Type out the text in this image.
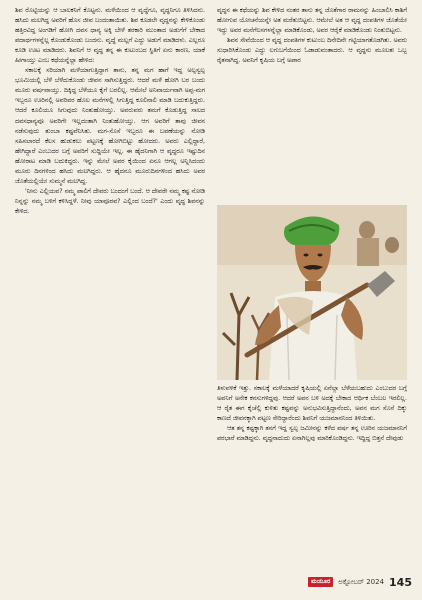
ಶಿವ ರೊಟ್ಟಿಯನ್ನು ಆ ಬಾಲಕನಿಗೆ ಕೊಟ್ಟನು. ಮಳೆಯಿಂದ ಆ ವೃದ್ಧೆಗೂ, ವೃದ್ಧನಿಗೂ ತಿಳಿಸಿದನು. ಹಸಿದು ಮಲಗಿದ್ದ ಅವರಿಗೆ ಹೊಸ ಜೀವ ಬಂದಂತಾಯಿತು. ಶಿವ ಕೂಡಲೇ ವೃದ್ಧನನ್ನು ಕೇಳಿಕೊಂಡು ಹತ್ತಿರವಿದ್ದ ಅಂಗಡಿಗೆ ಹೋಗಿ ದವಸ ಧಾನ್ಯ ಅಕ್ಕಿ ಬೇಳೆ ತರಕಾರಿ ಮುಂತಾದ ಅಡುಗೆಗೆ ಬೇಕಾದ ಪದಾರ್ಥಗಳನ್ನೆಲ್ಲ ಕೊಂಡುಕೊಂಡು ಬಂದನು. ವೃದ್ಧೆ ಮಲ್ಲಗೆ ಎದ್ದು ಅಡುಗೆ ಮಾಡಿದಳು. ಎಲ್ಲರೂ ಕೂಡಿ ಊಟ ಮಾಡಿದರು. ಶಿವನಿಗೆ ಆ ವೃದ್ಧ ತನ್ನ ಈ ಕುಟುಂಬದ ಸ್ಥಿತಿಗೆ ಏನು ಕಾರಣ, ಯಾಕೆ ಹೀಗಾಯ್ತು ಎಂಬ ಕಥೆಯನ್ನೆಲ್ಲಾ ಹೇಳಿದ:

ಸಕಾಲಕ್ಕೆ ಸರಿಯಾಗಿ ಮಳೆಯಾಗುತ್ತಿದ್ದಾಗ ತಾನು, ತನ್ನ ಮಗ ಹಾಗೆ ಇದ್ದ ಅಲ್ಪಸ್ವಲ್ಪ ಭೂಮಿಯಲ್ಲಿ ಬೆಳೆ ಬೆಳೆದುಕೊಂಡು ಜೀವನ ಸಾಗಿಸುತ್ತಿದ್ದರು. ಆದರೆ ಮಳೆ ಹೋಗಿ ಬರ ಬಂದು ಮೂರು ವರ್ಷವಾಯ್ತು. ದಿಕ್ಕಿದ್ದ ಬೆಳೆಯೂ ಕೈಗೆ ಬರಲಿಲ್ಲ. ಆಮೇಲೆ ಅನಿವಾರ್ಯವಾಗಿ ಅಪ್ಪ-ಮಗ ಇಬ್ಬರೂ ಊರಿನಲ್ಲಿ ಅವರಿವರ ಹೊಲ ಮನೆಗಳಲ್ಲಿ ಸಿಗುತ್ತಿದ್ದ ಕೂಲಿನಾಲಿ ಮಾಡಿ ಬದುಕುತ್ತಿದ್ದರು. ಆದರೆ ಕೂಲಿಯೂ ಸಿಗುವುದು ನಿಂತುಹೋಯ್ತು. ಅವರುವರು ತಮಗೆ ಕೊಡುತ್ತಿದ್ದ ಸಾಲದ ದವಸಧಾನ್ಯವೂ ಅವರಿಗೇ ಇಲ್ಲದಂತಾಗಿ ನಿಂತುಹೋಯ್ತು. ಆಗ ಅವರಿಗೆ ತಾವು ಜೀವನ ನಡೆಸುವುದು ತುಂಬಾ ಕಷ್ಟವೆನಿಸಿತು. ಮಗ-ಸೊಸೆ ಇಬ್ಬರೂ ಈ ಬವಣೆಯನ್ನು ನೋಡಿ ಸಹಿಸಲಾರದೆ ಕೆಲಸ ಹುಡುಕಲು ಪಟ್ಟಣಕ್ಕೆ ಹೋಗಿಬಿಟ್ಟು ಹೋದರು. ಅವರು ಎಲ್ಲಿದ್ದಾರೆ, ಹೇಗಿದ್ದಾರೆ ಎಂಬುದರ ಬಗ್ಗೆ ಅವರಿಗೆ ಸುದ್ದಿಯೇ ಇಲ್ಲ. ಈ ಹೈದನಿಗಾಗಿ ಆ ವೃದ್ಧರೂ ಇಷ್ಟುದಿನ ಹೋರಾಟ ಮಾಡಿ ಬದುಕಿದ್ದರು. ಇನ್ನು ಮೇಲೆ ಅವರ ಕೈಯಿಂದ ಏನೂ ಆಗಲ್ಲ ಅನ್ನಿಸಿದಂದು ಮೂರು ದಿನಗಳಿಂದ ಹಸಿದು ಮಲಗಿದ್ದರು. ಆ ಹೈದನೂ ಮೂರುದಿನಗಳಿಂದ ಹಸಿದು ಅವರ ಜೊತೆಯಲ್ಲಿಯೇ ಸುಮ್ಮನೆ ಮಲಗಿದ್ದ.

'ನೀನು ಎಲ್ಲಿಯವ? ನಮ್ಮ ಪಾಲಿಗೆ ದೇವರು ಬಂದಂಗೆ ಬಂದೆ. ಆ ದೇವರೇ ನಮ್ಮ ಕಷ್ಟ ನೋಡಿ ನಿನ್ನನ್ನು ನಮ್ಮ ಬಳಿಗೆ ಕಳಿಸಿದ್ದಳೆ. ನೀವು ಯಾವೂರವ? ಎಲ್ಲಿಂದ ಬಂದೆ?' ಎಂದು ವೃದ್ಧ ಶಿವನನ್ನು ಕೇಳಿದ.

ವೃದ್ಧನ ಈ ಕಥೆಯನ್ನು ಶಿವ ಕೇಳಿದ ನಂತರ ತಾನು ತನ್ನ ಜೊತೆಗಾರ ರಾಮನನ್ನು ಹಿಂಬಾಲಿಸಿ ಕಾಶಿಗೆ ಹೋಗುವ ಯೋಚನೆಯನ್ನೇ ಅತ ಮರೆತುಬಿಟ್ಟನು. ಆಮೇಲೆ ಅತ ಆ ವೃದ್ಧ ದಂಪತಿಗಳ ಜೊತೆಯೇ ಇದ್ದು ಅವರ ಮನೆಗೆಲಸಗಳನ್ನೆಲ್ಲಾ ಮಾಡಿಕೊಂಡು, ಅವರ ಆರೈಕೆ ಮಾಡಿಕೊಂಡು ನಿಂತುಬಿಟ್ಟನು.

ಶಿವನ ಸೇವೆಯಿಂದ ಆ ವೃದ್ಧ ದಂಪತಿಗಳ ಕುಟುಂಬ ದಿನೇದಿನೇ ಗಟ್ಟಿಯಾಗತೊಡಗಿತು. ಅವರು ಸುಧಾರಿಸಿಕೊಂಡು ಎದ್ದು ಲಗುಬಗೆಯಿಂದ ಓಡಾಡುವಂತಾದರು. ಆ ವೃದ್ಧನು ಮೂಲತಃ ಒಬ್ಬ ರೈತನಾಗಿದ್ದ. ಅವನಿಗೆ ಕೃಷಿಯ ಬಗ್ಗೆ ಅಪಾರ

ತಿಳುವಳಿಕೆ ಇತ್ತು. ಸಕಾಲಕ್ಕೆ ಮಳೆಯಾದರೆ ಕೃಷಿಯಲ್ಲಿ ಏನೆಲ್ಲಾ ಬೆಳೆಯಬಹುದು ಎಂಬುದರ ಬಗ್ಗೆ ಅವನಿಗೆ ಅನೇಕ ಕನಸುಗಳಿದ್ದವು. ಆದರೆ ಅವನ ಬಳಿ ಅದಕ್ಕೆ ಬೇಕಾದ ಆರ್ಥಿಕ ಬೆಂಬಲ ಇರಲಿಲ್ಲ. ಆ ರೈತ ಈಗ ಕೈಚೆಲ್ಲಿ ಕುಳಿತು ಕಷ್ಟವನ್ನು ಅನುಭವಿಸುತ್ತಿದ್ದಾನೆಂದು, ಅವನ ಮಗ ಸೊಸೆ ದಿಕ್ಕು ಕಾಣದೆ ಜೀವನಕ್ಕಾಗಿ ಪಟ್ಟಣ ಸೇರಿದ್ದಾರೆಂದು ಶಿವನಿಗೆ ಯಜಮಾನನಿಂದ ತಿಳಿಯಿತು.

ಆತ ತನ್ನ ಕಷ್ಟಕ್ಕಾಗಿ ತನಗೆ ಇದ್ದ ಸ್ವಲ್ಪ ಜಮೀನನ್ನು ಕಳೆದ ವರ್ಷ ತನ್ನ ಊರಿನ ಯಜಮಾನನಿಗೆ ಪರಭಾರೆ ಮಾಡಿದ್ದನು. ವೃದ್ಧನಾದುದು ಏನಾಗಿಲ್ಲವು ಮಾರಿಕೊಂಡಿದ್ದನು. ಇದ್ದಿದ್ದ ಬಿತ್ತನೆ ದೇವುಡು

ಮಯೂರ	ಅಕ್ಟೋಬರ್ 2024 145
